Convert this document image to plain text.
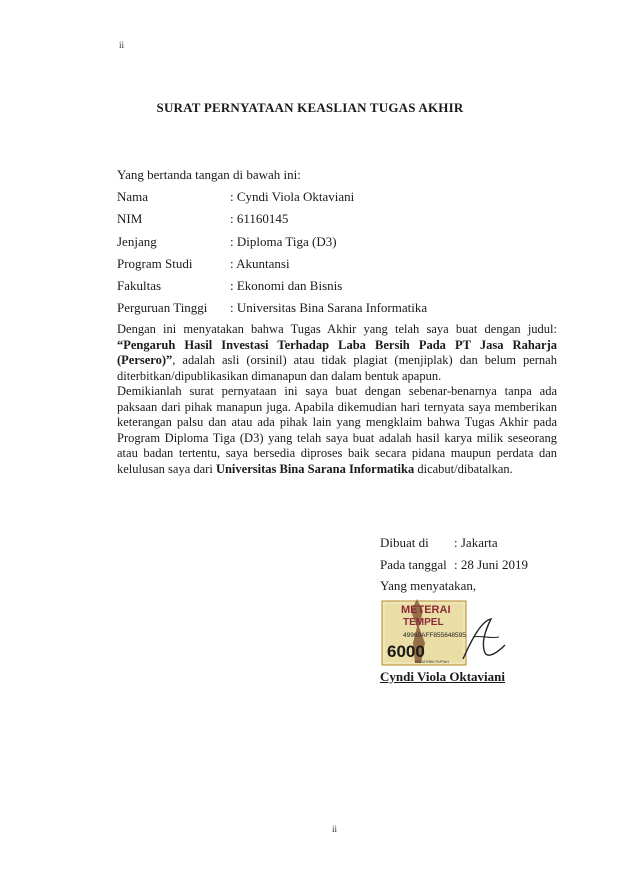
ii
SURAT PERNYATAAN KEASLIAN TUGAS AKHIR
Yang bertanda tangan di bawah ini:
Nama	: Cyndi Viola Oktaviani
NIM	: 61160145
Jenjang	: Diploma Tiga (D3)
Program Studi	: Akuntansi
Fakultas	: Ekonomi dan Bisnis
Perguruan Tinggi	: Universitas Bina Sarana Informatika
Dengan ini menyatakan bahwa Tugas Akhir yang telah saya buat dengan judul: “Pengaruh Hasil Investasi Terhadap Laba Bersih Pada PT Jasa Raharja (Persero)”, adalah asli (orsinil) atau tidak plagiat (menjiplak) dan belum pernah diterbitkan/dipublikasikan dimanapun dan dalam bentuk apapun.
Demikianlah surat pernyataan ini saya buat dengan sebenar-benarnya tanpa ada paksaan dari pihak manapun juga. Apabila dikemudian hari ternyata saya memberikan keterangan palsu dan atau ada pihak lain yang mengklaim bahwa Tugas Akhir pada Program Diploma Tiga (D3) yang telah saya buat adalah hasil karya milik seseorang atau badan tertentu, saya bersedia diproses baik secara pidana maupun perdata dan kelulusan saya dari Universitas Bina Sarana Informatika dicabut/dibatalkan.
Dibuat di	: Jakarta
Pada tanggal : 28 Juni 2019
Yang menyatakan,
METERAI
TEMPEL
49960AFF855648595
6000
ENAM RIBU RUPIAH
Cyndi Viola Oktaviani
ii
